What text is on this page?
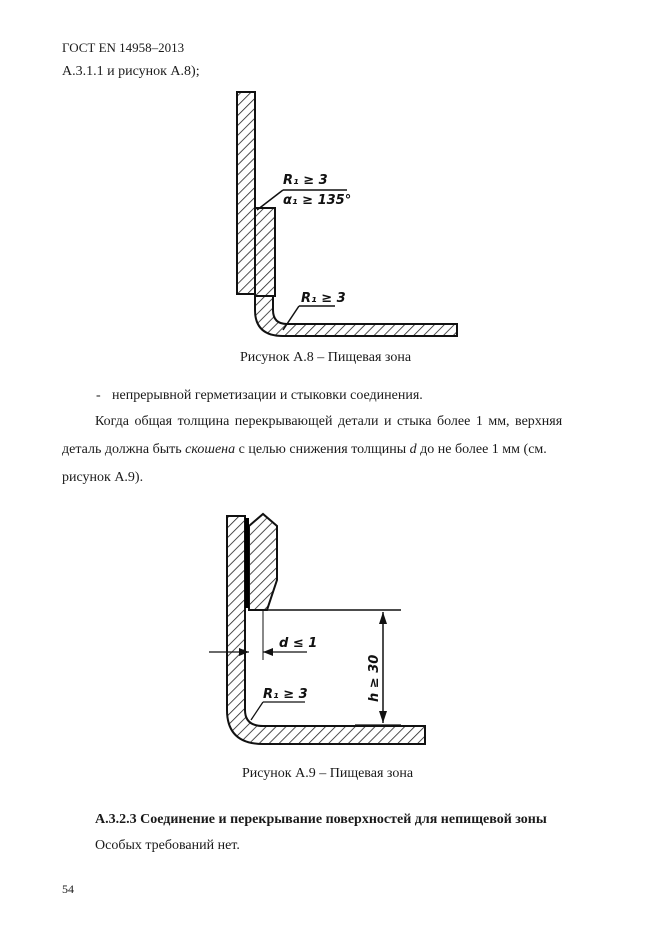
ГОСТ EN 14958–2013
А.3.1.1 и рисунок А.8);
R₁ ≥ 3
α₁ ≥ 135°
R₁ ≥ 3
Рисунок А.8 – Пищевая зона
- непрерывной герметизации и стыковки соединения.
Когда общая толщина перекрывающей детали и стыка более 1 мм, верхняя
деталь должна быть скошена с целью снижения толщины d до не более 1 мм (см.
рисунок А.9).
h ≥ 30
d ≤ 1
R₁ ≥ 3
Рисунок А.9 – Пищевая зона
А.3.2.3 Соединение и перекрывание поверхностей для непищевой зоны
Особых требований нет.
54
